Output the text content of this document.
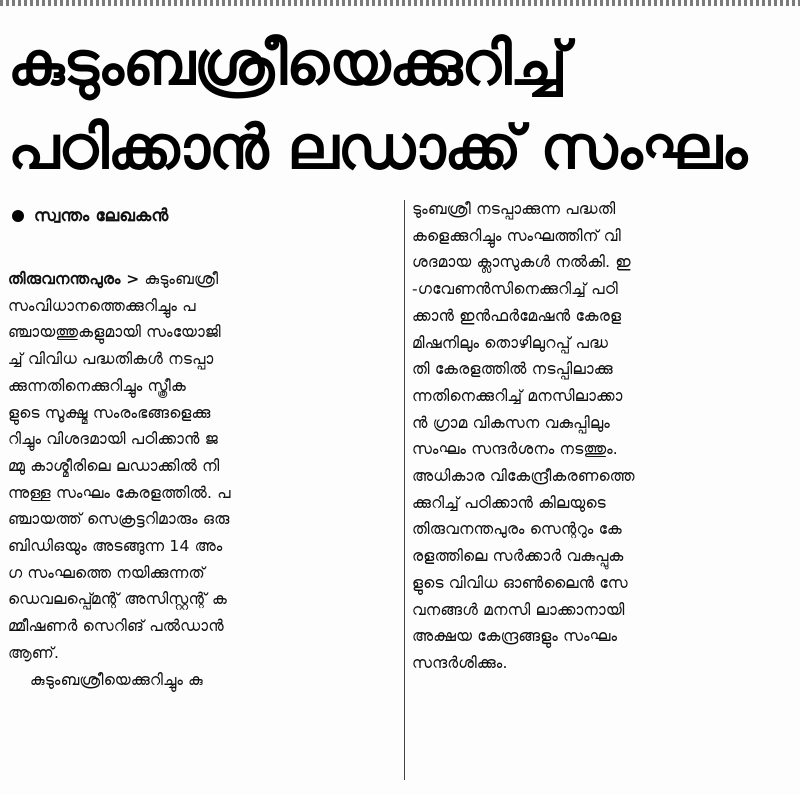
കുടുംബശ്രീയെക്കുറിച്ച്
പഠിക്കാൻ ലഡാക്ക് സംഘം
സ്വന്തം ലേഖകൻ
തിരുവനന്തപുരം > കുടുംബശ്രീ
സംവിധാനത്തെക്കുറിച്ചും പ
ഞ്ചായത്തുകളുമായി സംയോജി
ച്ച് വിവിധ പദ്ധതികൾ നടപ്പാ
ക്കുന്നതിനെക്കുറിച്ചും സ്ത്രീക
ളുടെ സൂക്ഷ്മ സംരംഭങ്ങളെക്കു
റിച്ചും വിശദമായി പഠിക്കാൻ ജ
മ്മു കാശ്മീരിലെ ലഡാക്കിൽ നി
ന്നുള്ള സംഘം കേരളത്തിൽ. പ
ഞ്ചായത്ത് സെക്രട്ടറിമാരും ഒരു
ബിഡിഒയും അടങ്ങുന്ന 14 അം
ഗ സംഘത്തെ നയിക്കുന്നത്
ഡെവലപ്പ്മെന്റ് അസിസ്റ്റന്റ് ക
മ്മീഷണർ സെറിങ് പൽഡാൻ
ആണ്.
കുടുംബശ്രീയെക്കുറിച്ചും കു
ടുംബശ്രീ നടപ്പാക്കുന്ന പദ്ധതി
കളെക്കുറിച്ചും സംഘത്തിന് വി
ശദമായ ക്ലാസുകൾ നൽകി. ഇ
-ഗവേണൻസിനെക്കുറിച്ച് പഠി
ക്കാൻ ഇൻഫർമേഷൻ കേരള
മിഷനിലും തൊഴിലുറപ്പ് പദ്ധ
തി കേരളത്തിൽ നടപ്പിലാക്കു
ന്നതിനെക്കുറിച്ച് മനസിലാക്കാ
ൻ ഗ്രാമ വികസന വകുപ്പിലും
സംഘം സന്ദർശനം നടത്തും.
അധികാര വികേന്ദ്രീകരണത്തെ
ക്കുറിച്ച് പഠിക്കാൻ കിലയുടെ
തിരുവനന്തപുരം സെന്ററും കേ
രളത്തിലെ സർക്കാർ വകുപ്പുക
ളുടെ വിവിധ ഓൺലൈൻ സേ
വനങ്ങൾ മനസി ലാക്കാനായി
അക്ഷയ കേന്ദ്രങ്ങളും സംഘം
സന്ദർശിക്കും.
